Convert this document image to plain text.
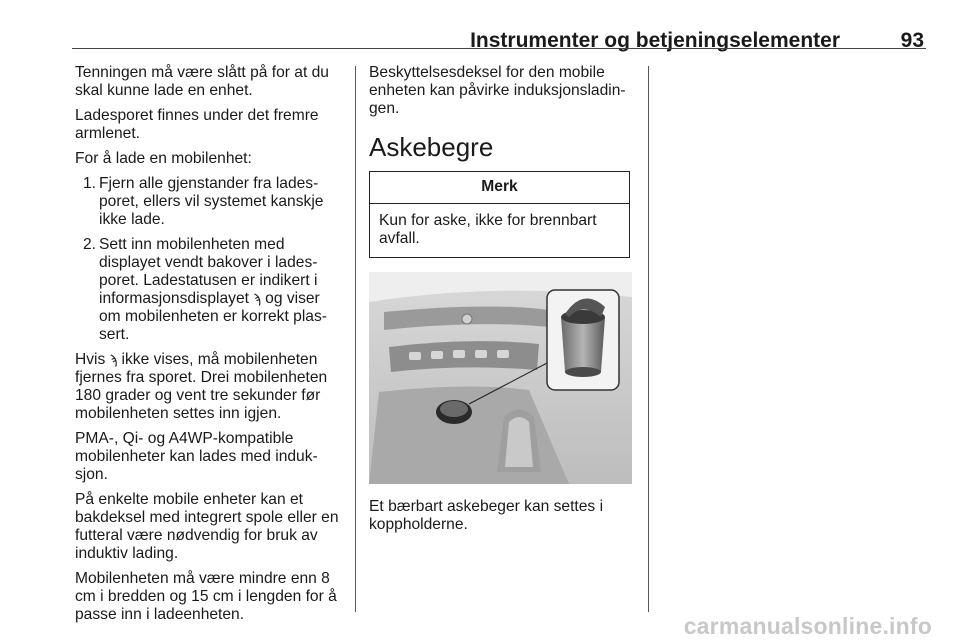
Instrumenter og betjeningselementer	93

Tenningen må være slått på for at du skal kunne lade en enhet.

Ladesporet finnes under det fremre armlenet.

For å lade en mobilenhet:

1. Fjern alle gjenstander fra ladesporet, ellers vil systemet kanskje ikke lade.
2. Sett inn mobilenheten med displayet vendt bakover i ladesporet. Ladestatusen er indikert i informasjonsdisplayet ϡ og viser om mobilenheten er korrekt plassert.

Hvis ϡ ikke vises, må mobilenheten fjernes fra sporet. Drei mobilenheten 180 grader og vent tre sekunder før mobilenheten settes inn igjen.

PMA-, Qi- og A4WP-kompatible mobilenheter kan lades med induksjon.

På enkelte mobile enheter kan et bakdeksel med integrert spole eller en futteral være nødvendig for bruk av induktiv lading.

Mobilenheten må være mindre enn 8 cm i bredden og 15 cm i lengden for å passe inn i ladeenheten.

Beskyttelsesdeksel for den mobile enheten kan påvirke induksjonsladingen.

Askebegre
Merk
Kun for aske, ikke for brennbart avfall.

Et bærbart askebeger kan settes i koppholderne.

carmanualsonline.info
